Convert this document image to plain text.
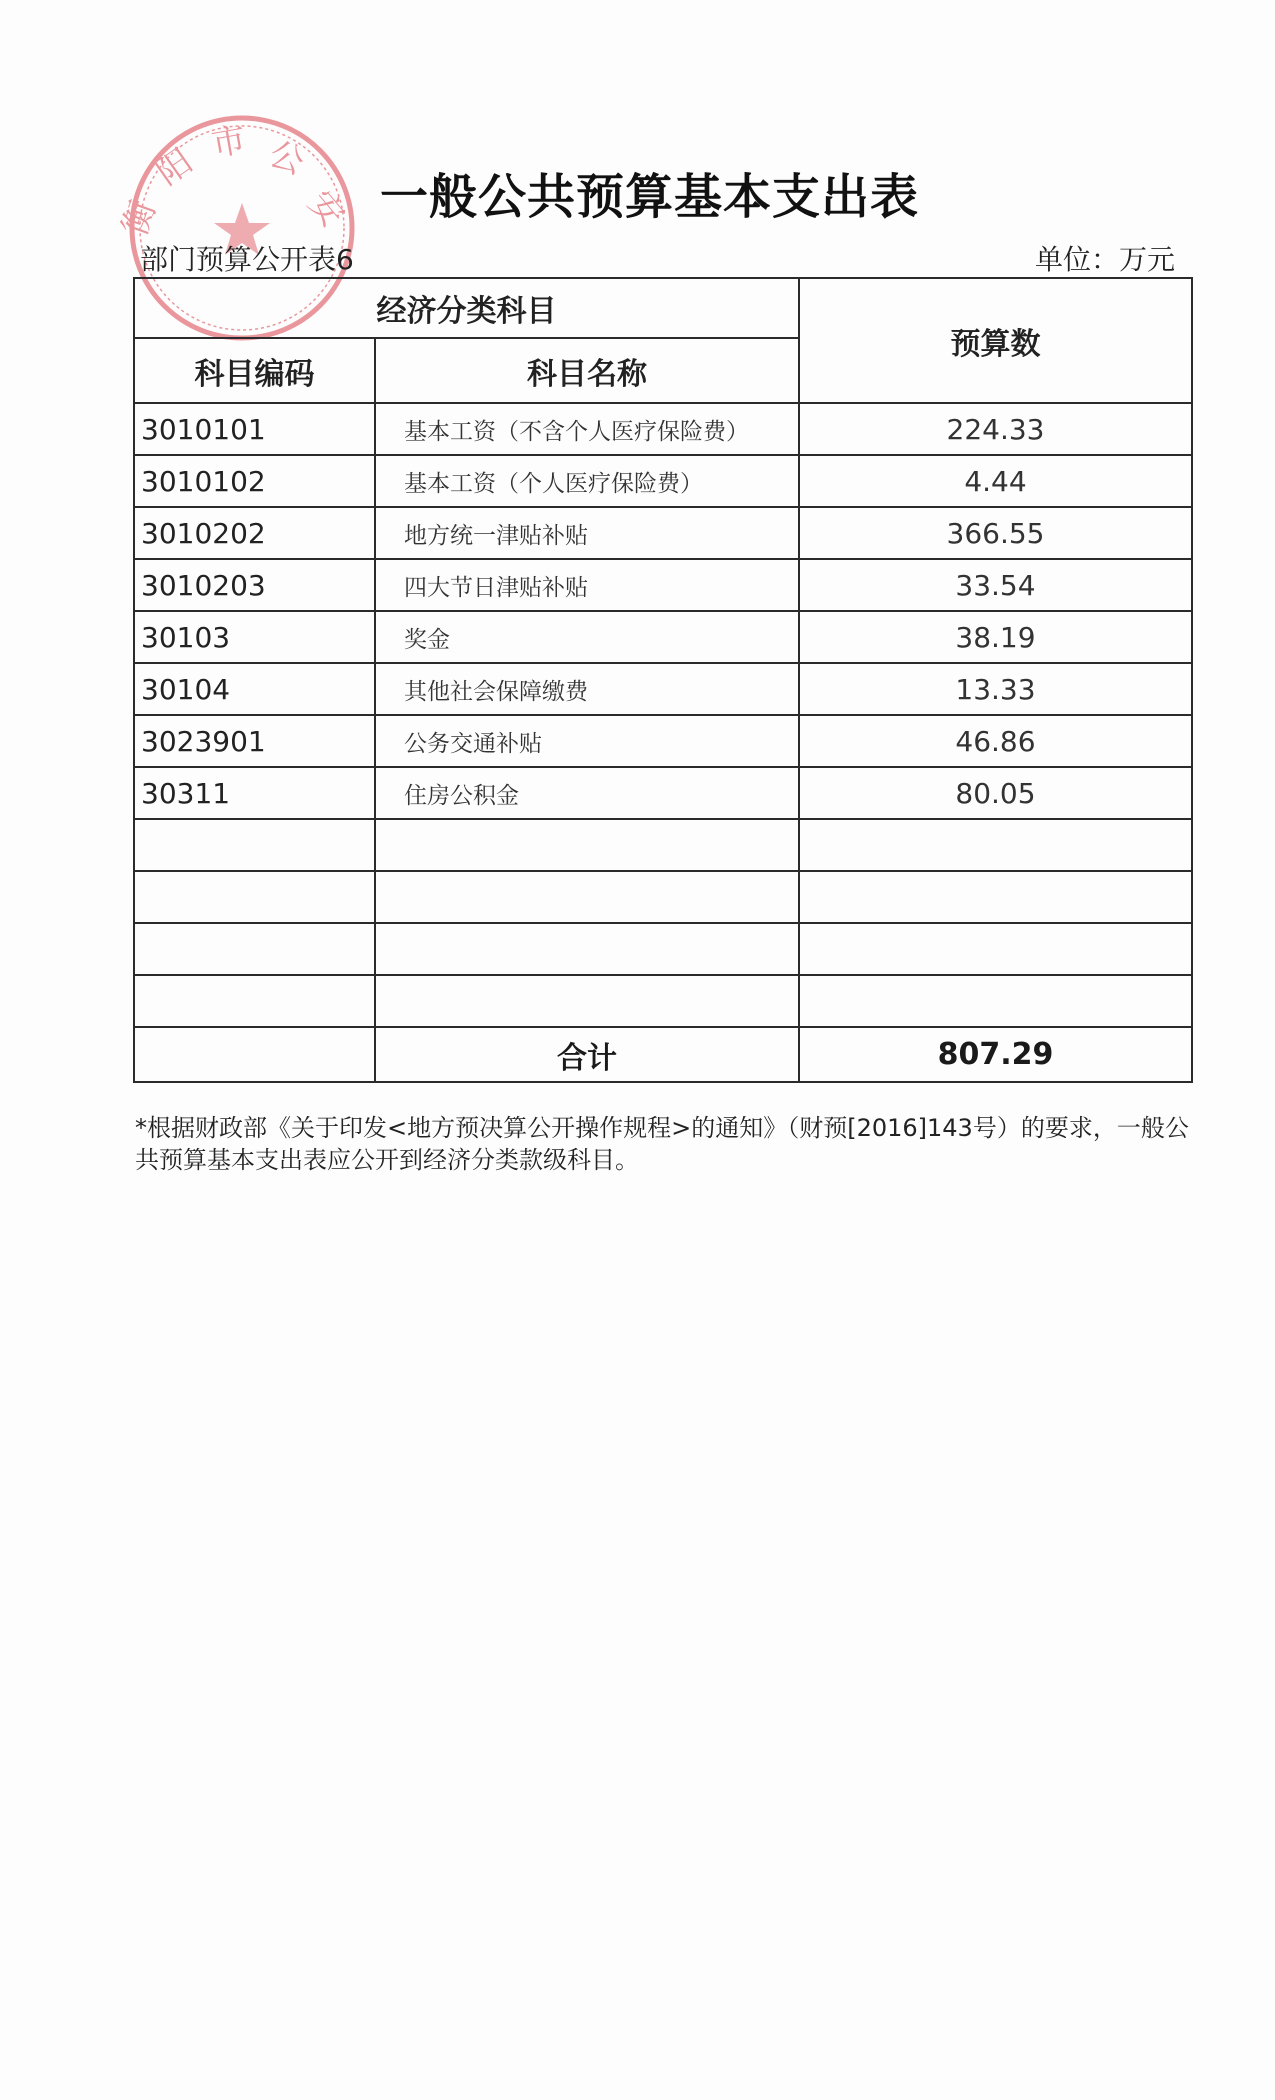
阳 市 公
安
衡	一般公共预算基本支出表
部门预算公开表6	单位：万元
经济分类科目		预算数
科目编码	科目名称	
3010101	基本工资（不含个人医疗保险费）	224.33
3010102	基本工资（个人医疗保险费）	4.44
3010202	地方统一津贴补贴	366.55
3010203	四大节日津贴补贴	33.54
30103	奖金	38.19
30104	其他社会保障缴费	13.33
3023901	公务交通补贴	46.86
30311	住房公积金	80.05

	合计	807.29
*根据财政部《关于印发<地方预决算公开操作规程>的通知》（财预[2016]143号）的要求，一般公共预算基本支出表应公开到经济分类款级科目。
